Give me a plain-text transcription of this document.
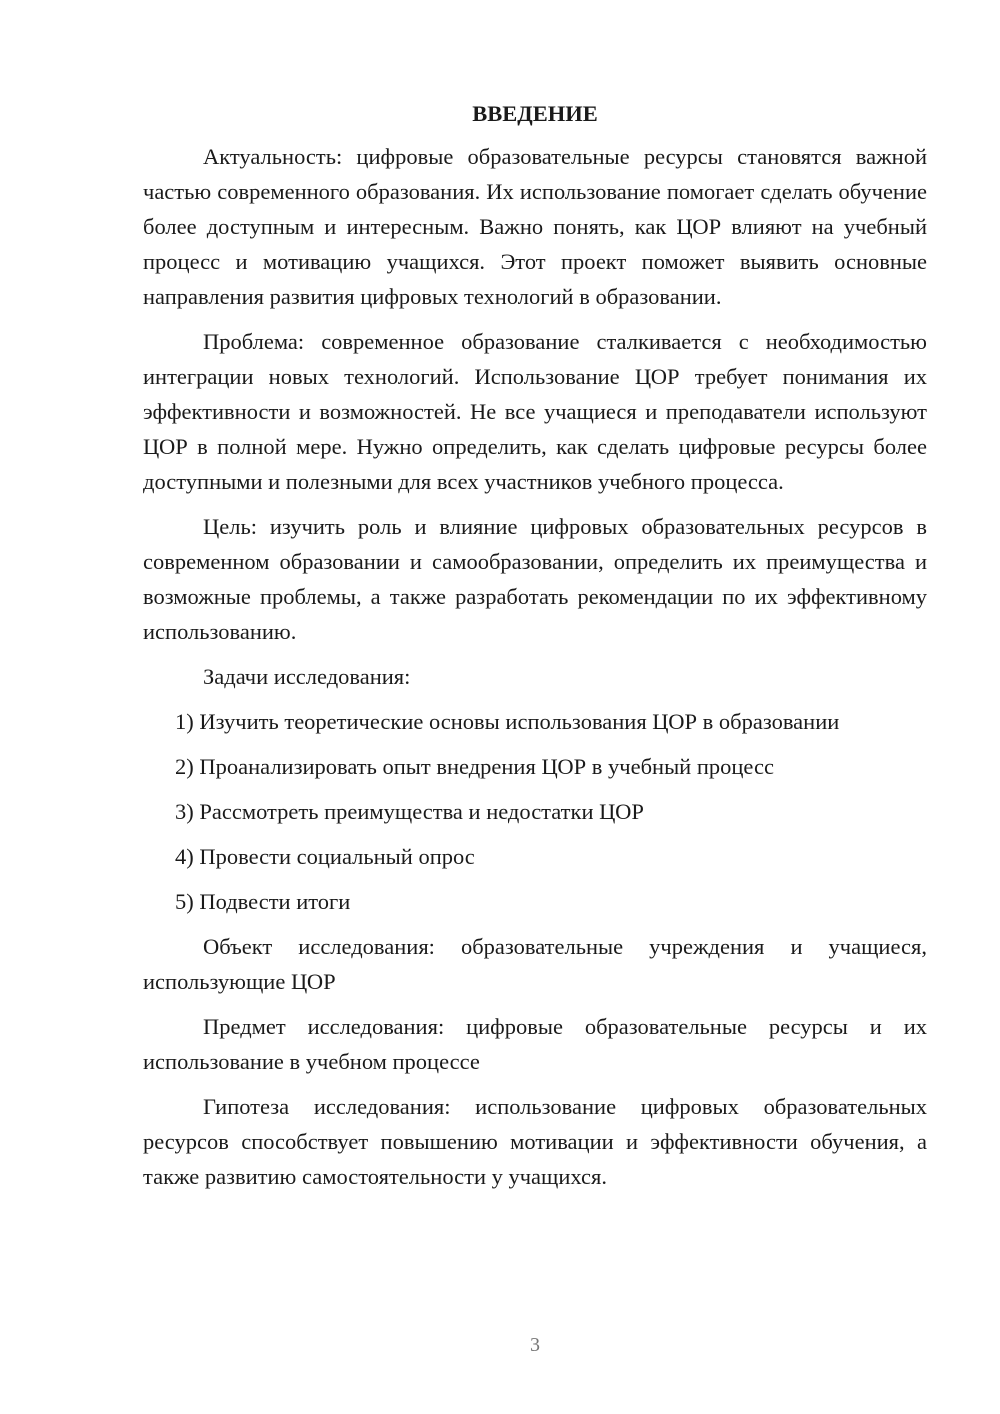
ВВЕДЕНИЕ

Актуальность: цифровые образовательные ресурсы становятся важной частью современного образования. Их использование помогает сделать обучение более доступным и интересным. Важно понять, как ЦОР влияют на учебный процесс и мотивацию учащихся. Этот проект поможет выявить основные направления развития цифровых технологий в образовании.

Проблема: современное образование сталкивается с необходимостью интеграции новых технологий. Использование ЦОР требует понимания их эффективности и возможностей. Не все учащиеся и преподаватели используют ЦОР в полной мере. Нужно определить, как сделать цифровые ресурсы более доступными и полезными для всех участников учебного процесса.

Цель: изучить роль и влияние цифровых образовательных ресурсов в современном образовании и самообразовании, определить их преимущества и возможные проблемы, а также разработать рекомендации по их эффективному использованию.

Задачи исследования:

1) Изучить теоретические основы использования ЦОР в образовании
2) Проанализировать опыт внедрения ЦОР в учебный процесс
3) Рассмотреть преимущества и недостатки ЦОР
4) Провести социальный опрос
5) Подвести итоги

Объект исследования: образовательные учреждения и учащиеся, использующие ЦОР

Предмет исследования: цифровые образовательные ресурсы и их использование в учебном процессе

Гипотеза исследования: использование цифровых образовательных ресурсов способствует повышению мотивации и эффективности обучения, а также развитию самостоятельности у учащихся.

3
